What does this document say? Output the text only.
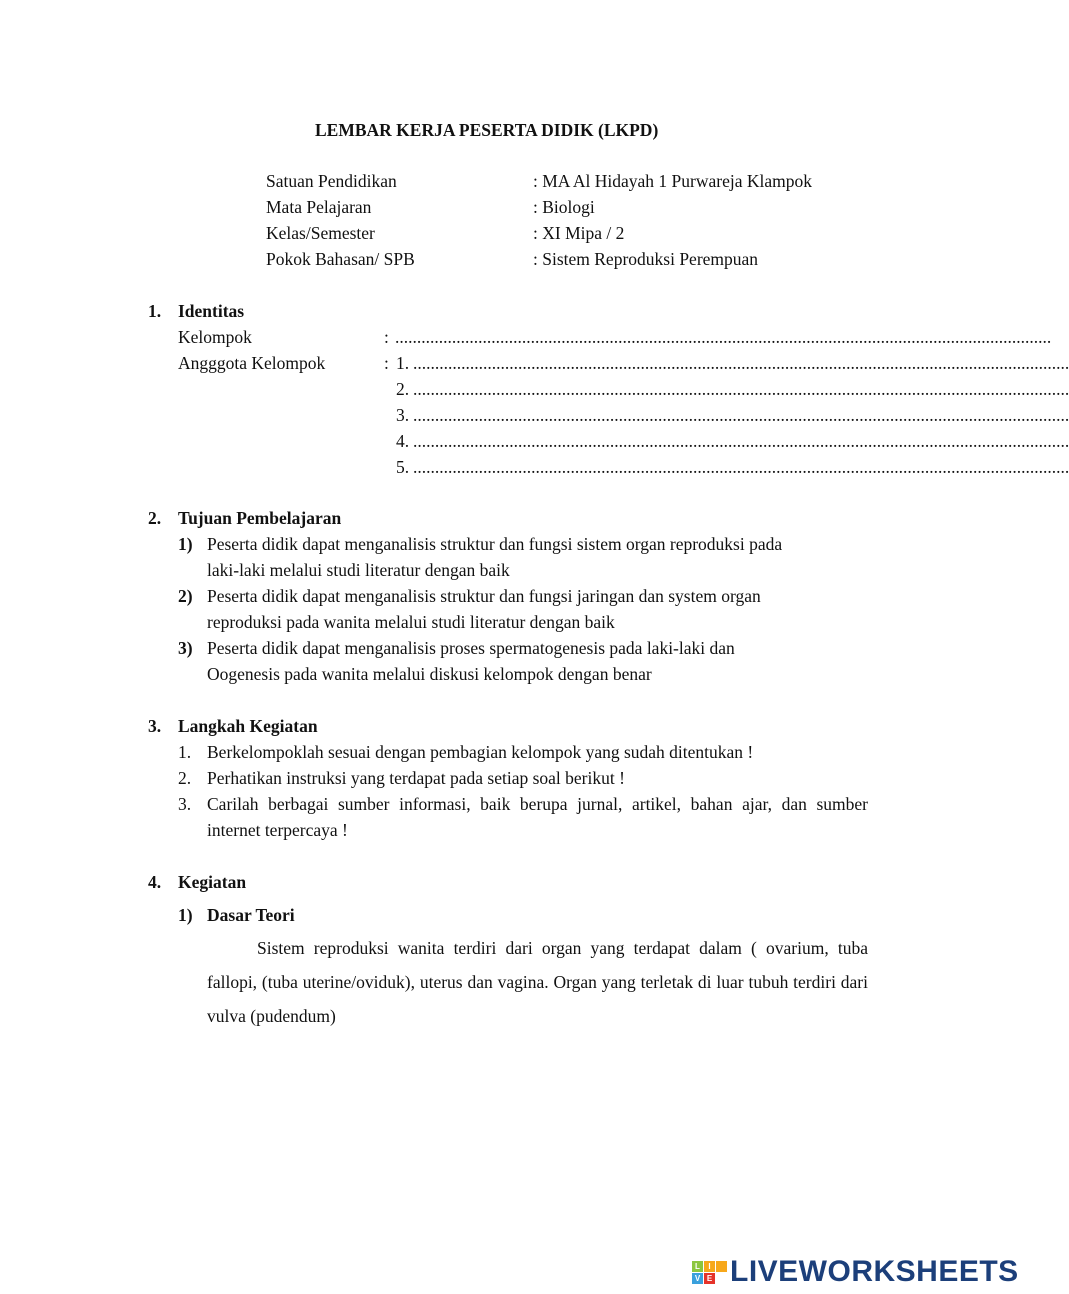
LEMBAR KERJA PESERTA DIDIK (LKPD)
Satuan Pendidikan	: MA Al Hidayah 1 Purwareja Klampok
Mata Pelajaran	: Biologi
Kelas/Semester	: XI Mipa / 2
Pokok Bahasan/ SPB	: Sistem Reproduksi Perempuan
1. Identitas
Kelompok	: ......................................................................................................................................................
Angggota Kelompok	: 1. ......................................................................................................................................................
2. ......................................................................................................................................................
3. ......................................................................................................................................................
4. ......................................................................................................................................................
5. ......................................................................................................................................................
2. Tujuan Pembelajaran
1) Peserta didik dapat menganalisis struktur dan fungsi sistem organ reproduksi pada
laki-laki melalui studi literatur dengan baik
2) Peserta didik dapat menganalisis struktur dan fungsi jaringan dan system organ
reproduksi pada wanita melalui studi literatur dengan baik
3) Peserta didik dapat menganalisis proses spermatogenesis pada laki-laki dan
Oogenesis pada wanita melalui diskusi kelompok dengan benar
3. Langkah Kegiatan
1. Berkelompoklah sesuai dengan pembagian kelompok yang sudah ditentukan !
2. Perhatikan instruksi yang terdapat pada setiap soal berikut !
3. Carilah berbagai sumber informasi, baik berupa jurnal, artikel, bahan ajar, dan sumber internet terpercaya !
4. Kegiatan
1) Dasar Teori
Sistem reproduksi wanita terdiri dari organ yang terdapat dalam ( ovarium, tuba fallopi, (tuba uterine/oviduk), uterus dan vagina. Organ yang terletak di luar tubuh terdiri dari vulva (pudendum)
L	I
V E LIVEWORKSHEETS
